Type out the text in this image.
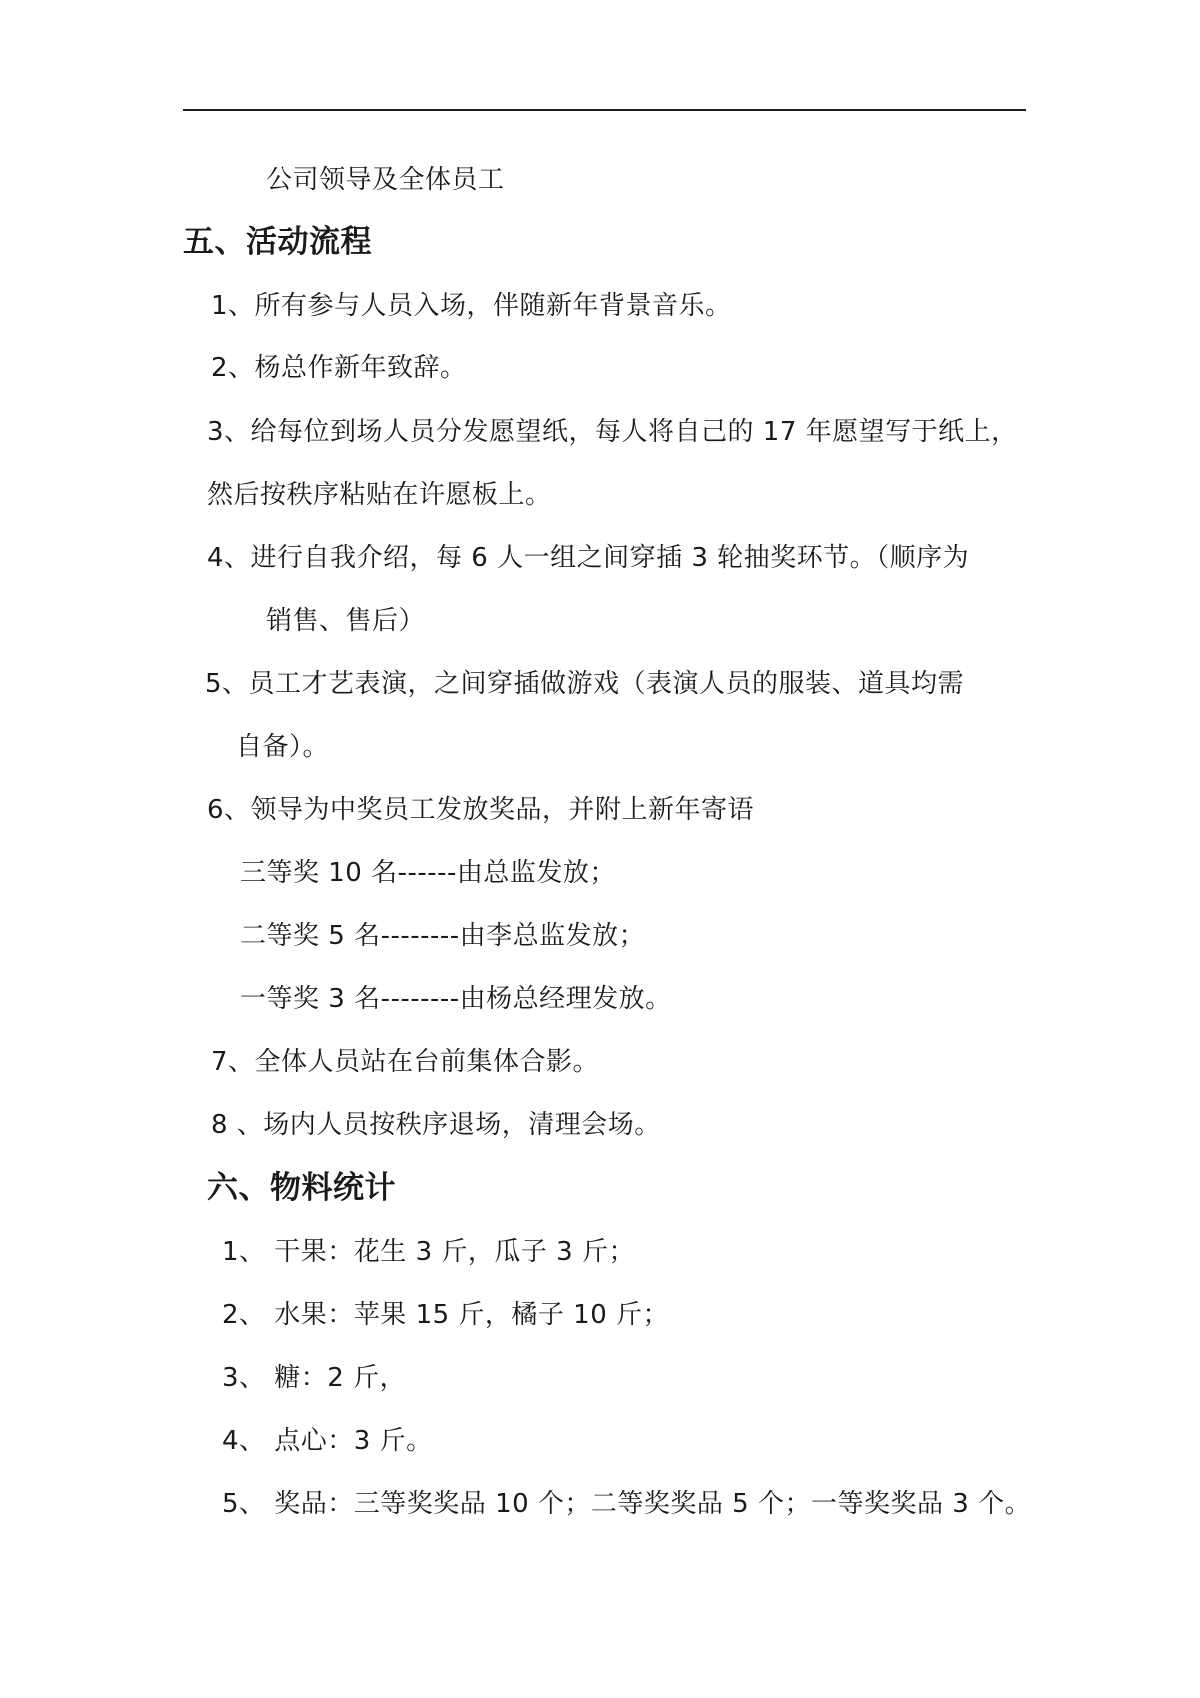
公司领导及全体员工
五、活动流程
1、所有参与人员入场，伴随新年背景音乐。
2、杨总作新年致辞。
3、给每位到场人员分发愿望纸，每人将自己的 17 年愿望写于纸上，
然后按秩序粘贴在许愿板上。
4、进行自我介绍，每 6 人一组之间穿插 3 轮抽奖环节。（顺序为
销售、售后）
5、员工才艺表演，之间穿插做游戏（表演人员的服装、道具均需
自备）。
6、领导为中奖员工发放奖品，并附上新年寄语
三等奖 10 名------由总监发放；
二等奖 5 名--------由李总监发放；
一等奖 3 名--------由杨总经理发放。
7、全体人员站在台前集体合影。
8 、场内人员按秩序退场，清理会场。
六、物料统计
1、 干果：花生 3 斤，瓜子 3 斤；
2、 水果：苹果 15 斤，橘子 10 斤；
3、 糖：2 斤，
4、 点心：3 斤。
5、 奖品：三等奖奖品 10 个；二等奖奖品 5 个；一等奖奖品 3 个。
